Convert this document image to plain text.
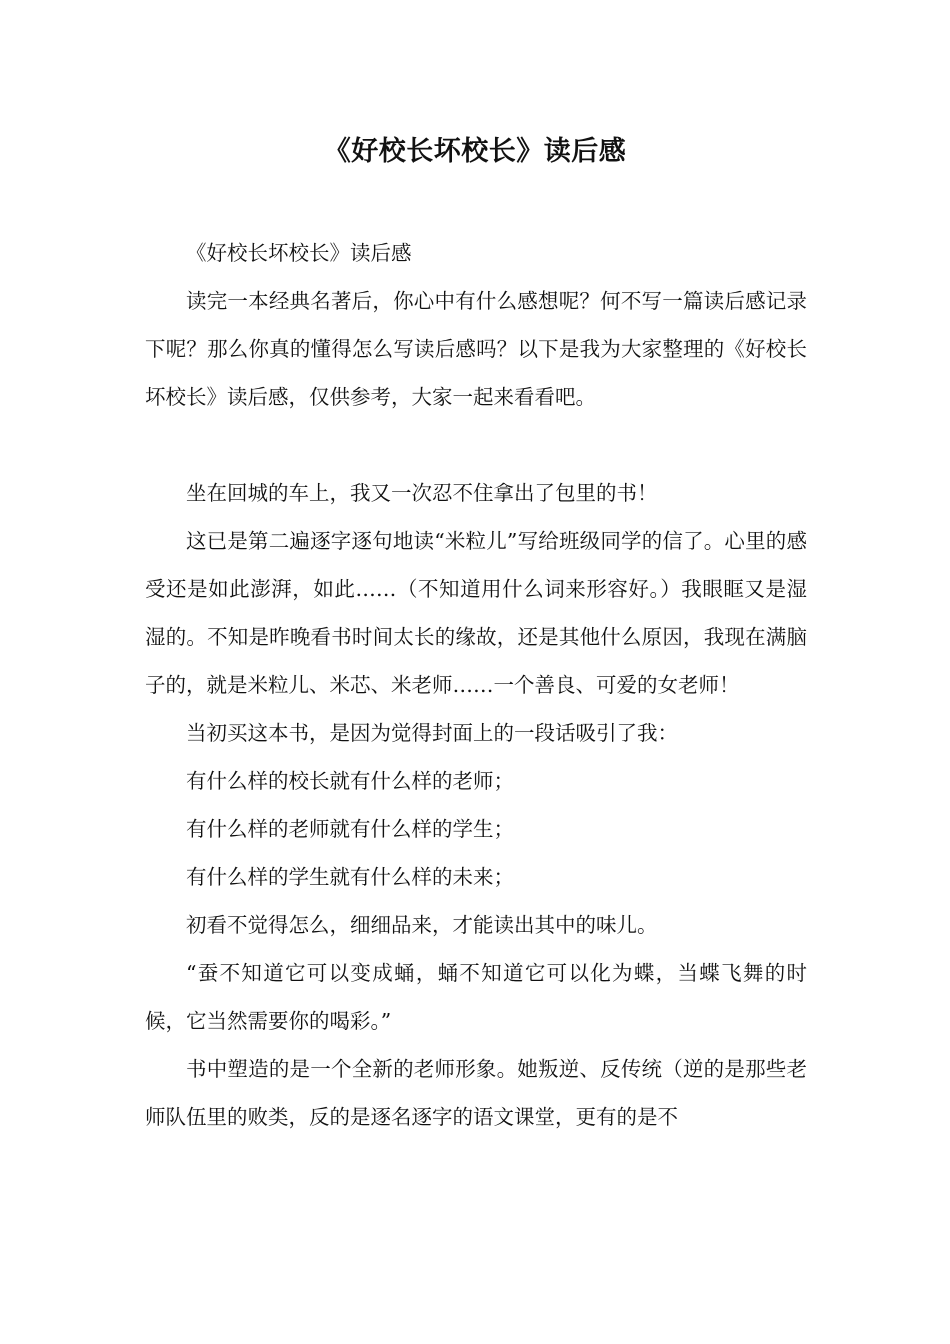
《好校长坏校长》读后感

《好校长坏校长》读后感

读完一本经典名著后，你心中有什么感想呢？何不写一篇读后感记录下呢？那么你真的懂得怎么写读后感吗？以下是我为大家整理的《好校长坏校长》读后感，仅供参考，大家一起来看看吧。

坐在回城的车上，我又一次忍不住拿出了包里的书！

这已是第二遍逐字逐句地读“米粒儿”写给班级同学的信了。心里的感受还是如此澎湃，如此……（不知道用什么词来形容好。）我眼眶又是湿湿的。不知是昨晚看书时间太长的缘故，还是其他什么原因，我现在满脑子的，就是米粒儿、米芯、米老师……一个善良、可爱的女老师！

当初买这本书，是因为觉得封面上的一段话吸引了我：

有什么样的校长就有什么样的老师；

有什么样的老师就有什么样的学生；

有什么样的学生就有什么样的未来；

初看不觉得怎么，细细品来，才能读出其中的味儿。

“蚕不知道它可以变成蛹，蛹不知道它可以化为蝶，当蝶飞舞的时候，它当然需要你的喝彩。”

书中塑造的是一个全新的老师形象。她叛逆、反传统（逆的是那些老师队伍里的败类，反的是逐名逐字的语文课堂，更有的是不
